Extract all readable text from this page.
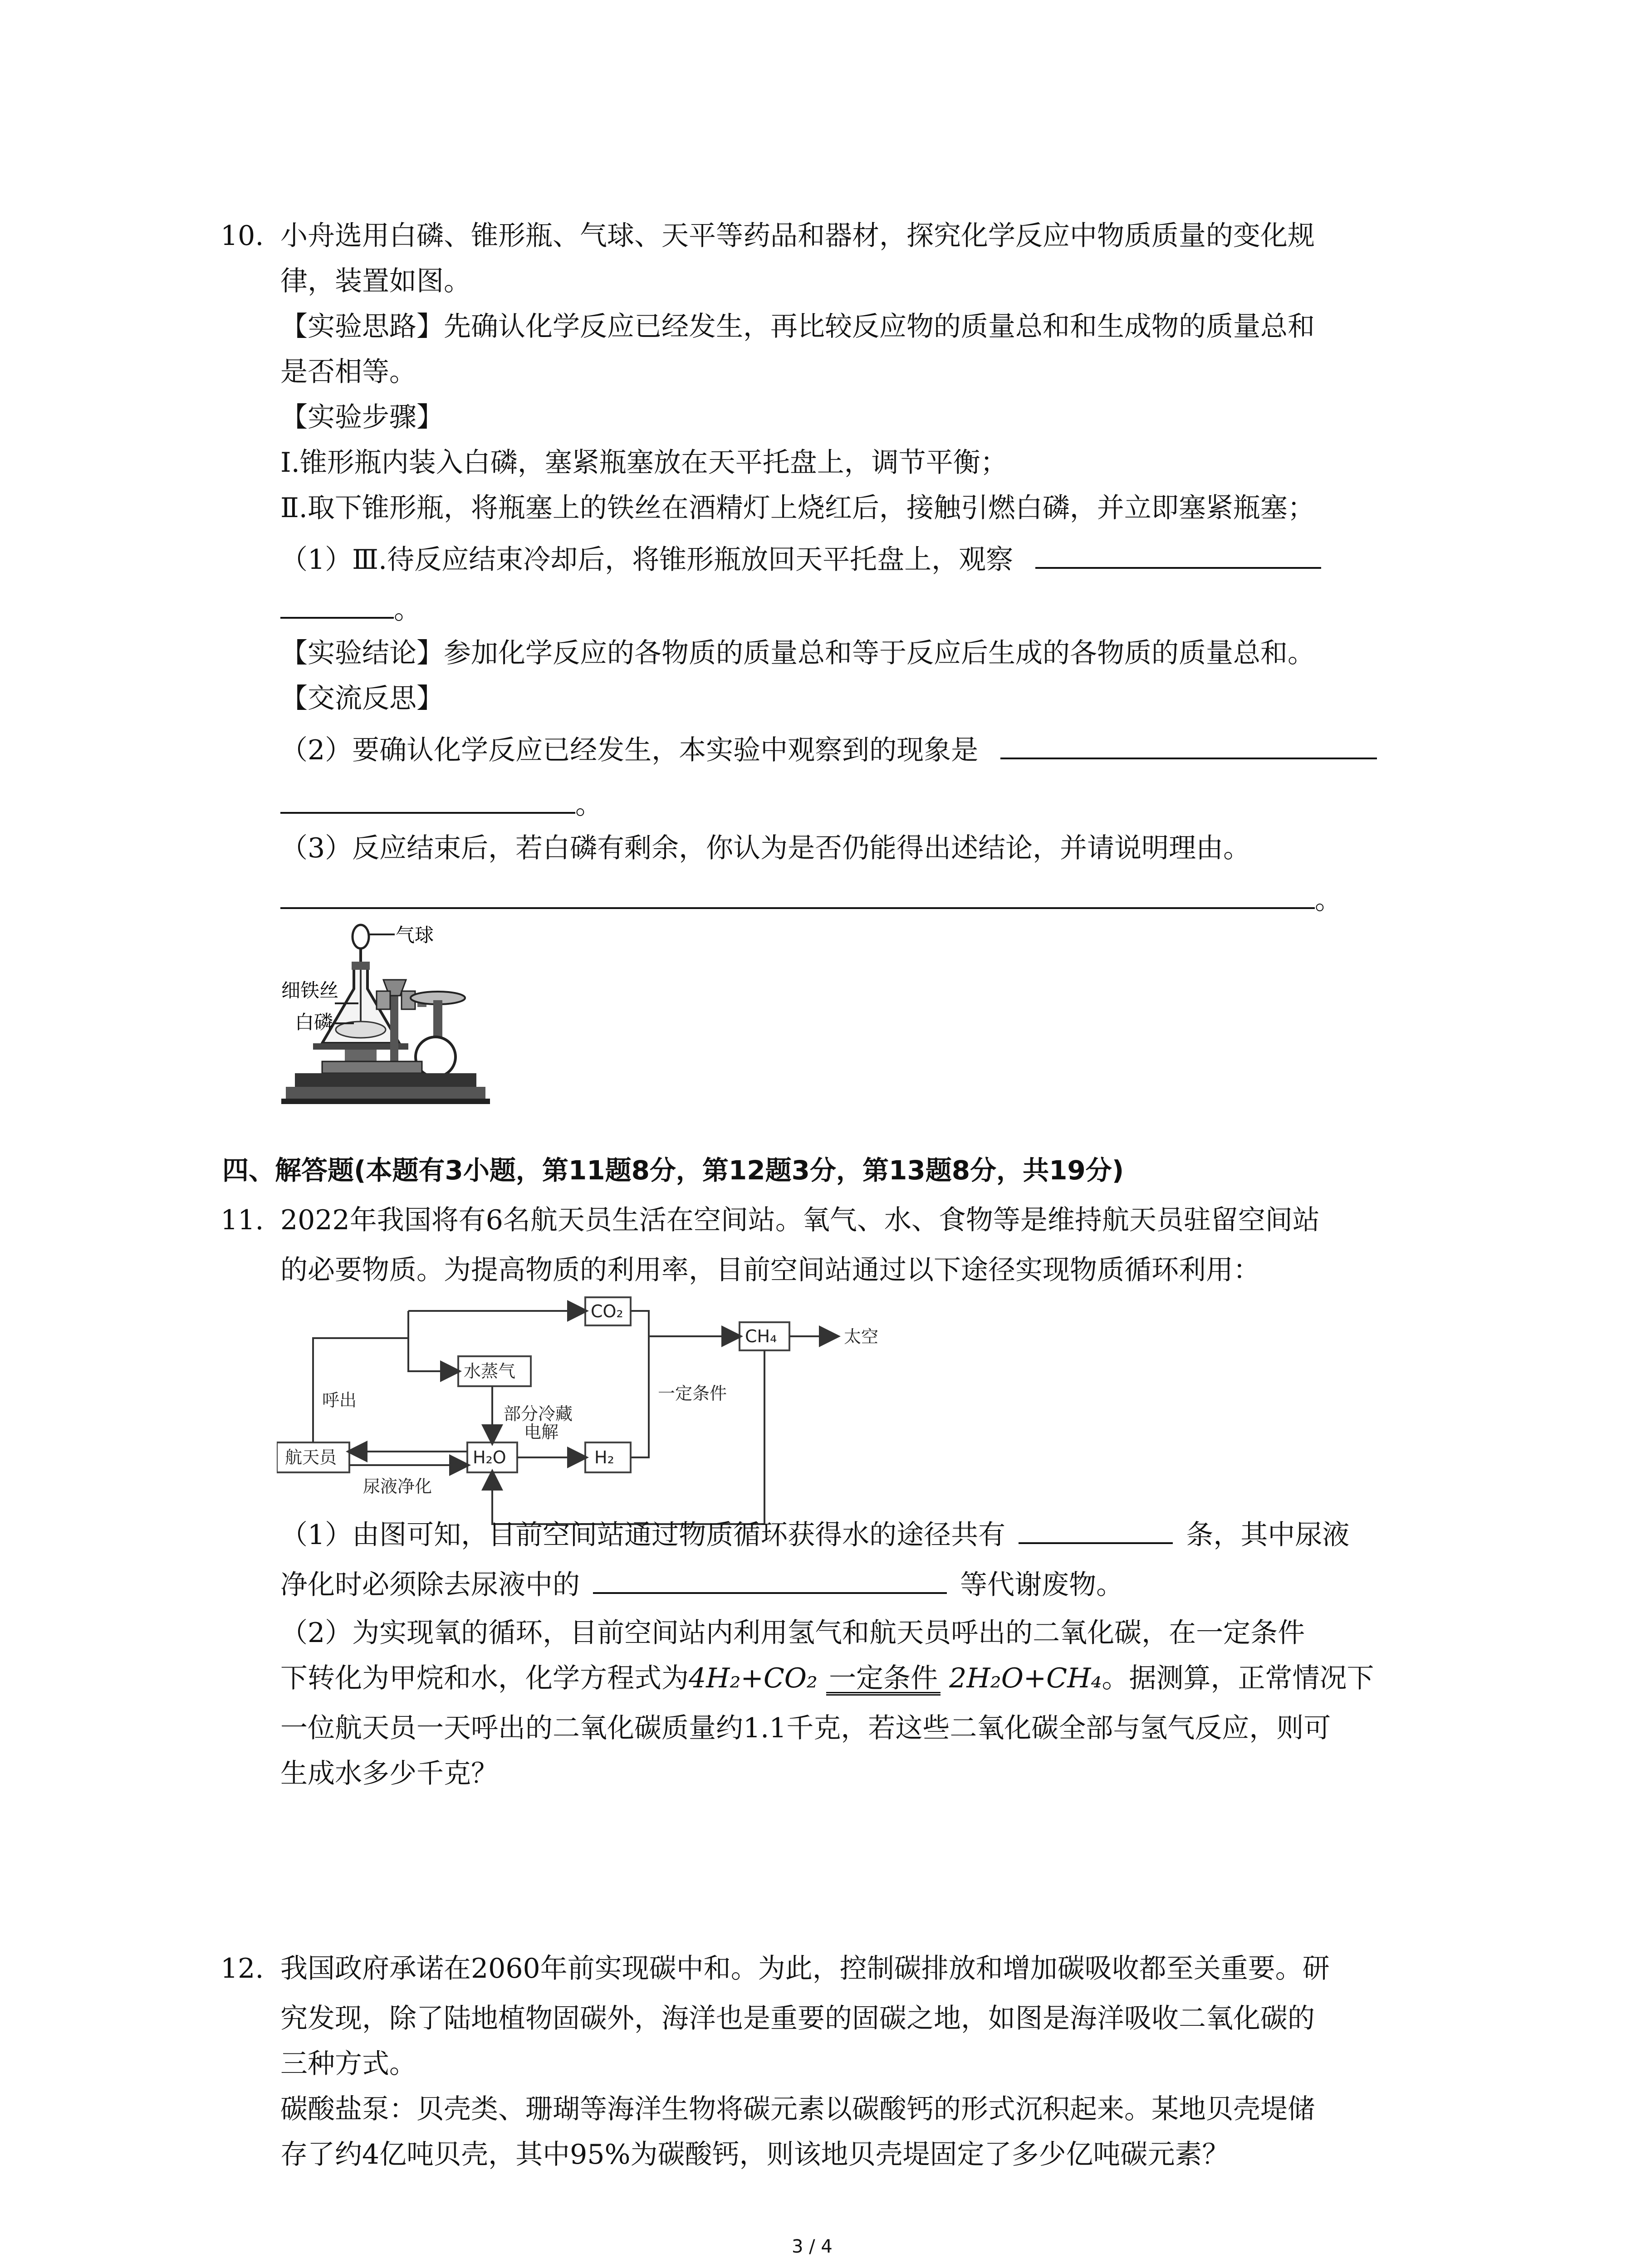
10. 小舟选用白磷、锥形瓶、气球、天平等药品和器材，探究化学反应中物质质量的变化规
律，装置如图。
【实验思路】先确认化学反应已经发生，再比较反应物的质量总和和生成物的质量总和
是否相等。
【实验步骤】
Ⅰ.锥形瓶内装入白磷，塞紧瓶塞放在天平托盘上，调节平衡；
Ⅱ.取下锥形瓶，将瓶塞上的铁丝在酒精灯上烧红后，接触引燃白磷，并立即塞紧瓶塞；
（1）Ⅲ.待反应结束冷却后，将锥形瓶放回天平托盘上，观察
。
【实验结论】参加化学反应的各物质的质量总和等于反应后生成的各物质的质量总和。
【交流反思】
（2）要确认化学反应已经发生，本实验中观察到的现象是
。
（3）反应结束后，若白磷有剩余，你认为是否仍能得出述结论，并请说明理由。
。
气球
细铁丝
白磷
四、解答题(本题有3小题，第11题8分，第12题3分，第13题8分，共19分)
11. 2022年我国将有6名航天员生活在空间站。氧气、水、食物等是维持航天员驻留空间站
的必要物质。为提高物质的利用率，目前空间站通过以下途径实现物质循环利用：
CO₂
CH₄	太空
水蒸气
呼出
部分冷藏
一定条件
航天员	H₂O
电解
H₂
尿液净化
（1）由图可知，目前空间站通过物质循环获得水的途径共有	条，其中尿液
净化时必须除去尿液中的	等代谢废物。
（2）为实现氧的循环，目前空间站内利用氢气和航天员呼出的二氧化碳，在一定条件
下转化为甲烷和水，化学方程式为4H₂+CO₂ 一定条件 2H₂O+CH₄。据测算，正常情况下
一位航天员一天呼出的二氧化碳质量约1.1千克，若这些二氧化碳全部与氢气反应，则可
生成水多少千克？
12. 我国政府承诺在2060年前实现碳中和。为此，控制碳排放和增加碳吸收都至关重要。研
究发现，除了陆地植物固碳外，海洋也是重要的固碳之地，如图是海洋吸收二氧化碳的
三种方式。
碳酸盐泵：贝壳类、珊瑚等海洋生物将碳元素以碳酸钙的形式沉积起来。某地贝壳堤储
存了约4亿吨贝壳，其中95%为碳酸钙，则该地贝壳堤固定了多少亿吨碳元素？
3 / 4
